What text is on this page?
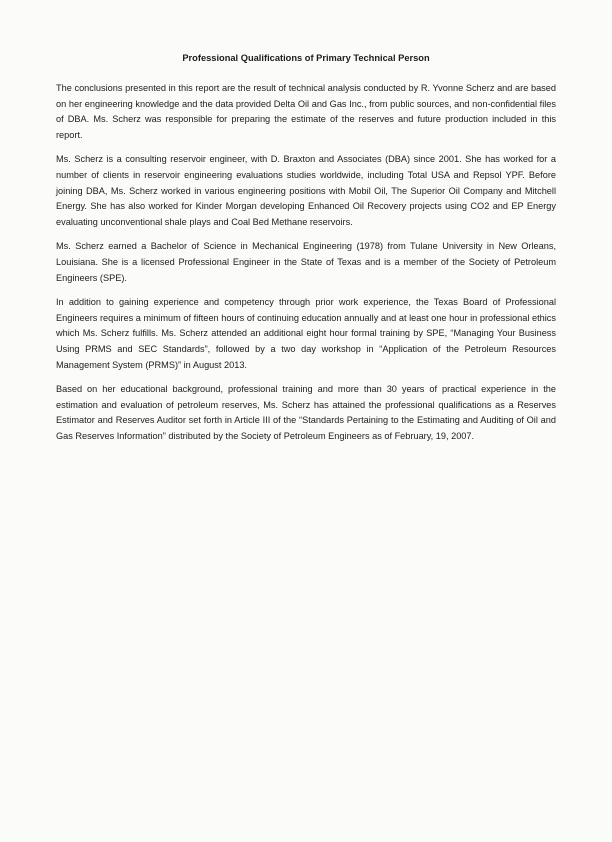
Professional Qualifications of Primary Technical Person

The conclusions presented in this report are the result of technical analysis conducted by R. Yvonne Scherz and are based on her engineering knowledge and the data provided Delta Oil and Gas Inc., from public sources, and non-confidential files of DBA. Ms. Scherz was responsible for preparing the estimate of the reserves and future production included in this report.

Ms. Scherz is a consulting reservoir engineer, with D. Braxton and Associates (DBA) since 2001. She has worked for a number of clients in reservoir engineering evaluations studies worldwide, including Total USA and Repsol YPF. Before joining DBA, Ms. Scherz worked in various engineering positions with Mobil Oil, The Superior Oil Company and Mitchell Energy. She has also worked for Kinder Morgan developing Enhanced Oil Recovery projects using CO2 and EP Energy evaluating unconventional shale plays and Coal Bed Methane reservoirs.

Ms. Scherz earned a Bachelor of Science in Mechanical Engineering (1978) from Tulane University in New Orleans, Louisiana. She is a licensed Professional Engineer in the State of Texas and is a member of the Society of Petroleum Engineers (SPE).

In addition to gaining experience and competency through prior work experience, the Texas Board of Professional Engineers requires a minimum of fifteen hours of continuing education annually and at least one hour in professional ethics which Ms. Scherz fulfills. Ms. Scherz attended an additional eight hour formal training by SPE, “Managing Your Business Using PRMS and SEC Standards”, followed by a two day workshop in “Application of the Petroleum Resources Management System (PRMS)” in August 2013.

Based on her educational background, professional training and more than 30 years of practical experience in the estimation and evaluation of petroleum reserves, Ms. Scherz has attained the professional qualifications as a Reserves Estimator and Reserves Auditor set forth in Article III of the “Standards Pertaining to the Estimating and Auditing of Oil and Gas Reserves Information” distributed by the Society of Petroleum Engineers as of February, 19, 2007.
